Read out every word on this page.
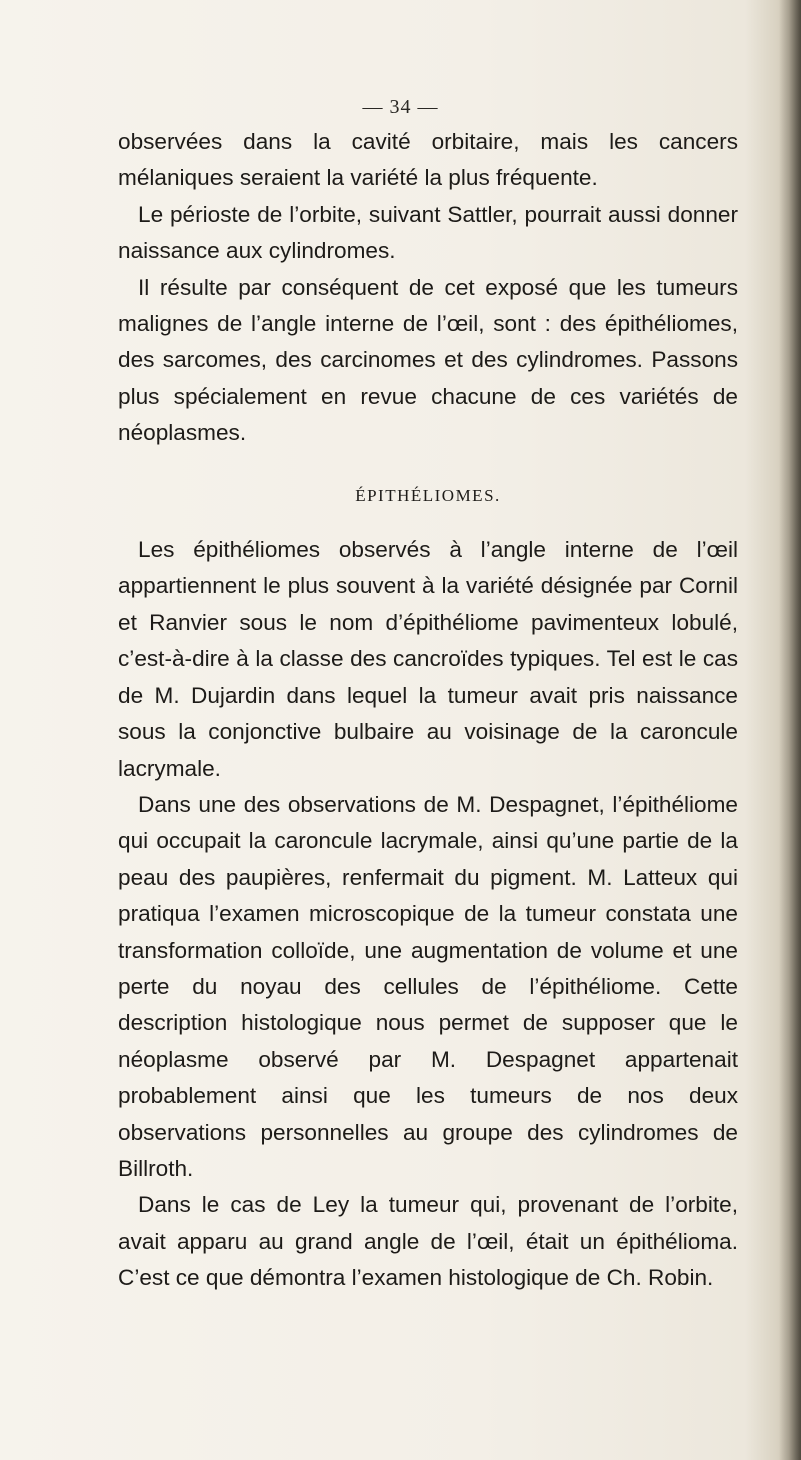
— 34 —

observées dans la cavité orbitaire, mais les cancers mélaniques seraient la variété la plus fréquente.

Le périoste de l’orbite, suivant Sattler, pourrait aussi donner naissance aux cylindromes.

Il résulte par conséquent de cet exposé que les tumeurs malignes de l’angle interne de l’œil, sont : des épithéliomes, des sarcomes, des carcinomes et des cylindromes. Passons plus spécialement en revue chacune de ces variétés de néoplasmes.

ÉPITHÉLIOMES.

Les épithéliomes observés à l’angle interne de l’œil appartiennent le plus souvent à la variété désignée par Cornil et Ranvier sous le nom d’épithéliome pavimenteux lobulé, c’est-à-dire à la classe des cancroïdes typiques. Tel est le cas de M. Dujardin dans lequel la tumeur avait pris naissance sous la conjonctive bulbaire au voisinage de la caroncule lacrymale.

Dans une des observations de M. Despagnet, l’épithéliome qui occupait la caroncule lacrymale, ainsi qu’une partie de la peau des paupières, renfermait du pigment. M. Latteux qui pratiqua l’examen microscopique de la tumeur constata une transformation colloïde, une augmentation de volume et une perte du noyau des cellules de l’épithéliome. Cette description histologique nous permet de supposer que le néoplasme observé par M. Despagnet appartenait probablement ainsi que les tumeurs de nos deux observations personnelles au groupe des cylindromes de Billroth.

Dans le cas de Ley la tumeur qui, provenant de l’orbite, avait apparu au grand angle de l’œil, était un épithélioma. C’est ce que démontra l’examen histologique de Ch. Robin.
